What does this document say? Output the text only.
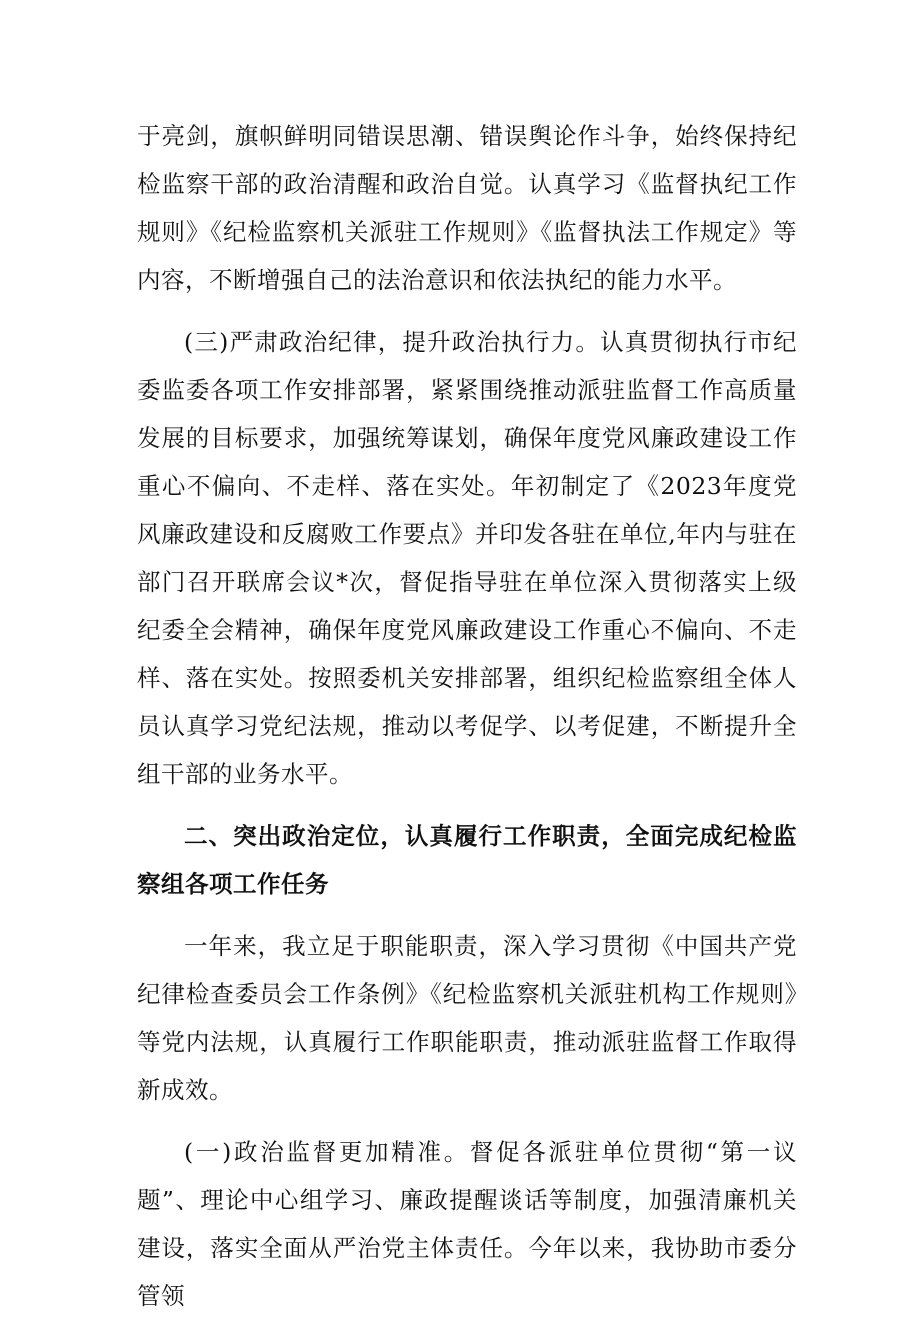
于亮剑，旗帜鲜明同错误思潮、错误舆论作斗争，始终保持纪检监察干部的政治清醒和政治自觉。认真学习《监督执纪工作规则》《纪检监察机关派驻工作规则》《监督执法工作规定》等内容，不断增强自己的法治意识和依法执纪的能力水平。

(三)严肃政治纪律，提升政治执行力。认真贯彻执行市纪委监委各项工作安排部署，紧紧围绕推动派驻监督工作高质量发展的目标要求，加强统筹谋划，确保年度党风廉政建设工作重心不偏向、不走样、落在实处。年初制定了《2023年度党风廉政建设和反腐败工作要点》并印发各驻在单位,年内与驻在部门召开联席会议*次，督促指导驻在单位深入贯彻落实上级纪委全会精神，确保年度党风廉政建设工作重心不偏向、不走样、落在实处。按照委机关安排部署，组织纪检监察组全体人员认真学习党纪法规，推动以考促学、以考促建，不断提升全组干部的业务水平。

二、突出政治定位，认真履行工作职责，全面完成纪检监察组各项工作任务

一年来，我立足于职能职责，深入学习贯彻《中国共产党纪律检查委员会工作条例》《纪检监察机关派驻机构工作规则》等党内法规，认真履行工作职能职责，推动派驻监督工作取得新成效。

(一)政治监督更加精准。督促各派驻单位贯彻“第一议题”、理论中心组学习、廉政提醒谈话等制度，加强清廉机关建设，落实全面从严治党主体责任。今年以来，我协助市委分管领
